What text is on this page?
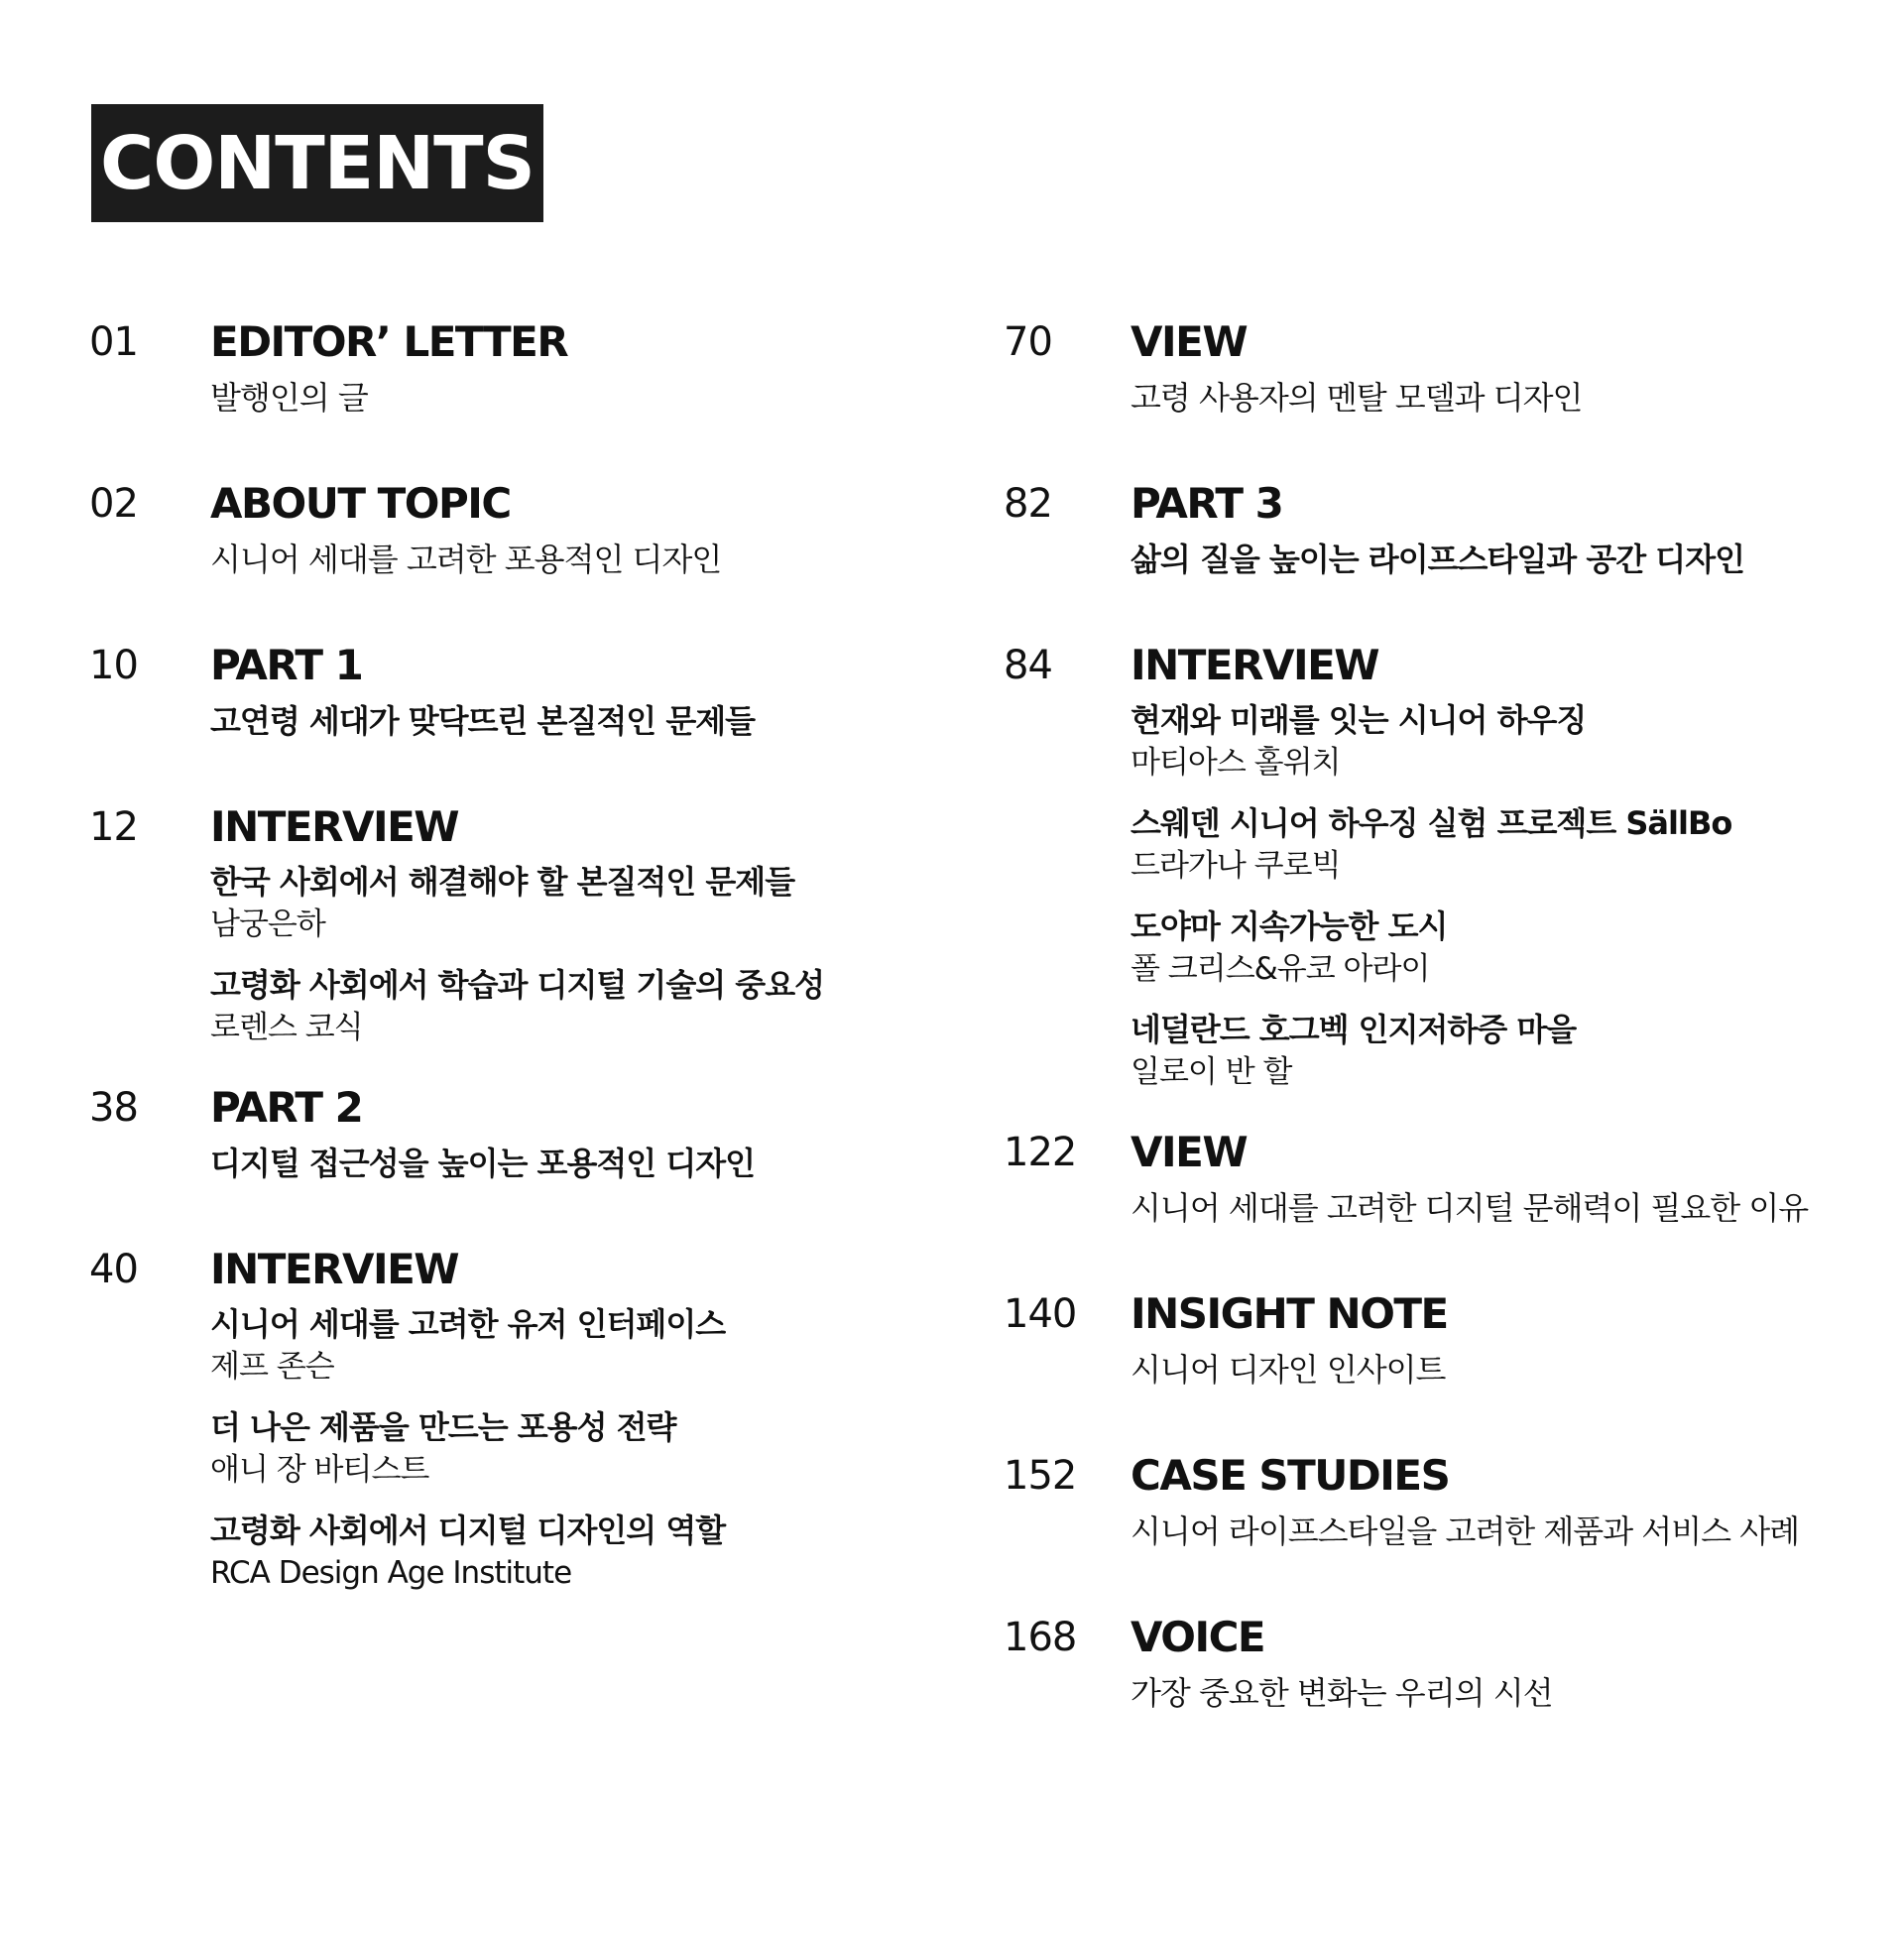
CONTENTS
01 EDITOR’ LETTER
발행인의 글
02 ABOUT TOPIC
시니어 세대를 고려한 포용적인 디자인
10 PART 1
고연령 세대가 맞닥뜨린 본질적인 문제들
12 INTERVIEW
한국 사회에서 해결해야 할 본질적인 문제들
남궁은하
고령화 사회에서 학습과 디지털 기술의 중요성
로렌스 코식
38 PART 2
디지털 접근성을 높이는 포용적인 디자인
40 INTERVIEW
시니어 세대를 고려한 유저 인터페이스
제프 존슨
더 나은 제품을 만드는 포용성 전략
애니 장 바티스트
고령화 사회에서 디지털 디자인의 역할
RCA Design Age Institute
70 VIEW
고령 사용자의 멘탈 모델과 디자인
82 PART 3
삶의 질을 높이는 라이프스타일과 공간 디자인
84 INTERVIEW
현재와 미래를 잇는 시니어 하우징
마티아스 홀위치
스웨덴 시니어 하우징 실험 프로젝트 SällBo
드라가나 쿠로빅
도야마 지속가능한 도시
폴 크리스&유코 아라이
네덜란드 호그벡 인지저하증 마을
일로이 반 할
122 VIEW
시니어 세대를 고려한 디지털 문해력이 필요한 이유
140 INSIGHT NOTE
시니어 디자인 인사이트
152 CASE STUDIES
시니어 라이프스타일을 고려한 제품과 서비스 사례
168 VOICE
가장 중요한 변화는 우리의 시선
